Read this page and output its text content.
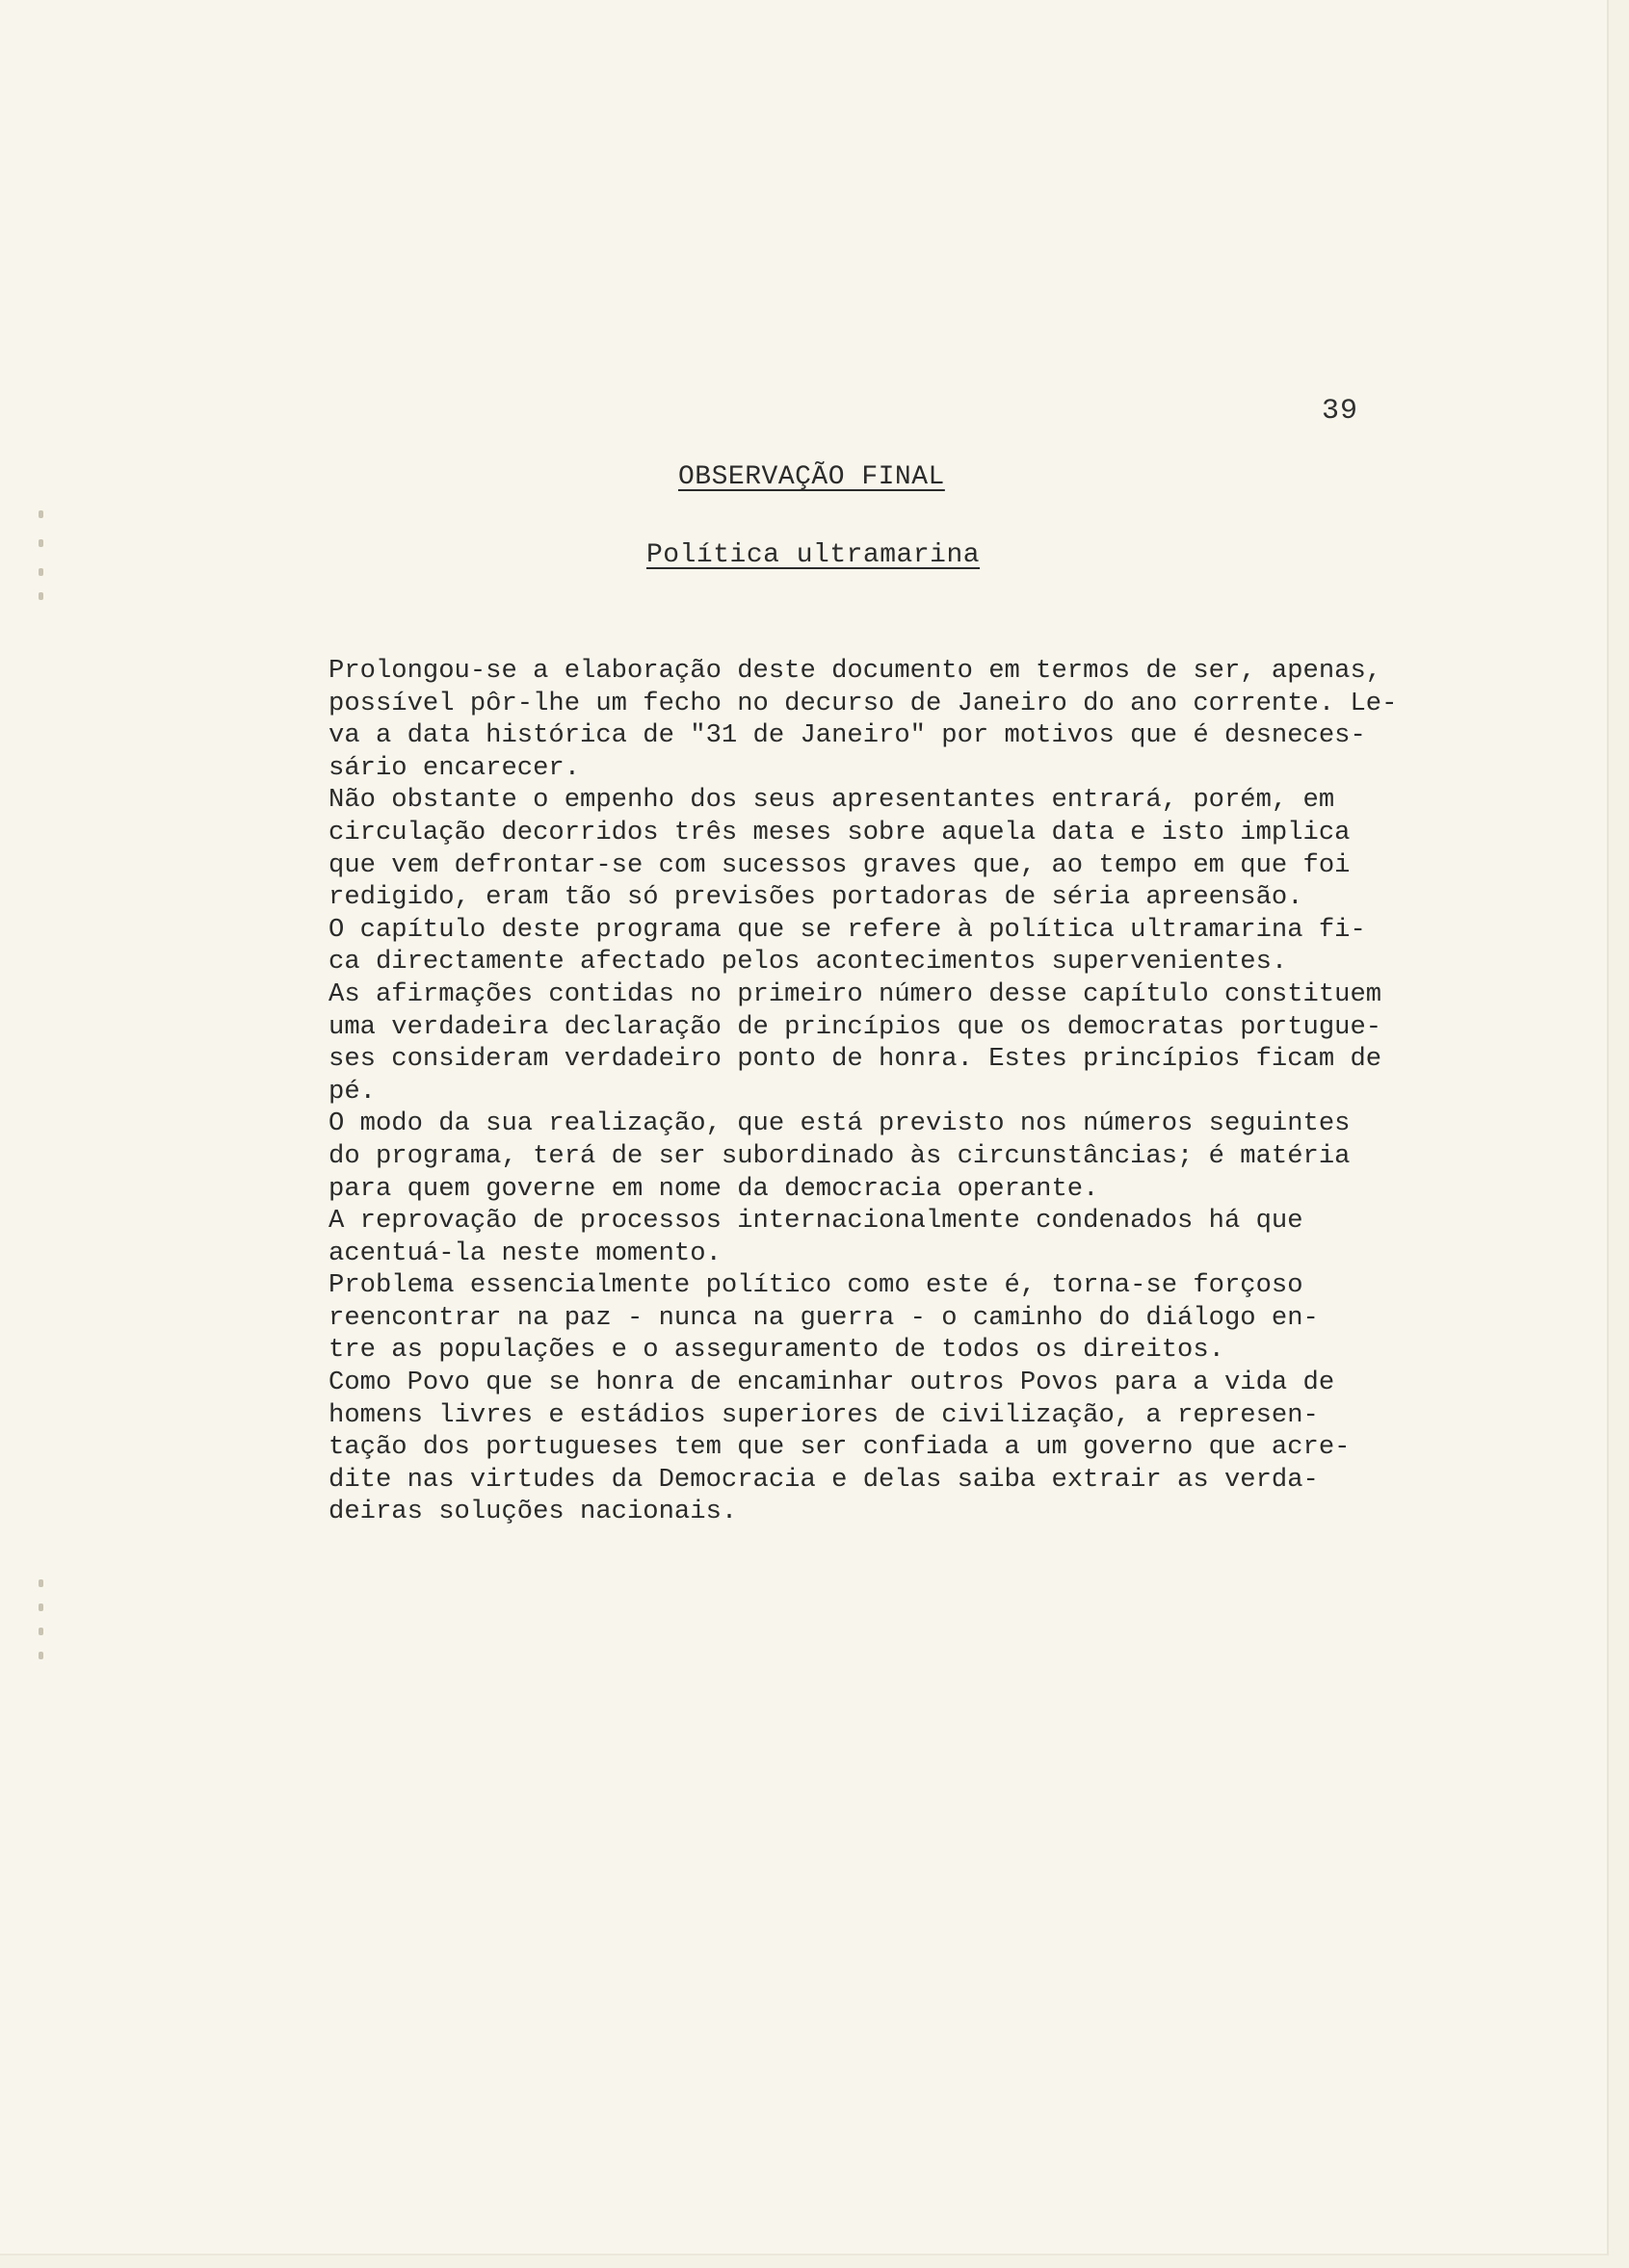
39
OBSERVAÇÃO FINAL
Política ultramarina
Prolongou-se a elaboração deste documento em termos de ser, apenas,
possível pôr-lhe um fecho no decurso de Janeiro do ano corrente. Le-
va a data histórica de "31 de Janeiro" por motivos que é desneces-
sário encarecer.
Não obstante o empenho dos seus apresentantes entrará, porém, em
circulação decorridos três meses sobre aquela data e isto implica
que vem defrontar-se com sucessos graves que, ao tempo em que foi
redigido, eram tão só previsões portadoras de séria apreensão.
O capítulo deste programa que se refere à política ultramarina fi-
ca directamente afectado pelos acontecimentos supervenientes.
As afirmações contidas no primeiro número desse capítulo constituem
uma verdadeira declaração de princípios que os democratas portugue-
ses consideram verdadeiro ponto de honra. Estes princípios ficam de
pé.
O modo da sua realização, que está previsto nos números seguintes
do programa, terá de ser subordinado às circunstâncias; é matéria
para quem governe em nome da democracia operante.
A reprovação de processos internacionalmente condenados há que
acentuá-la neste momento.
Problema essencialmente político como este é, torna-se forçoso
reencontrar na paz - nunca na guerra - o caminho do diálogo en-
tre as populações e o asseguramento de todos os direitos.
Como Povo que se honra de encaminhar outros Povos para a vida de
homens livres e estádios superiores de civilização, a represen-
tação dos portugueses tem que ser confiada a um governo que acre-
dite nas virtudes da Democracia e delas saiba extrair as verda-
deiras soluções nacionais.
